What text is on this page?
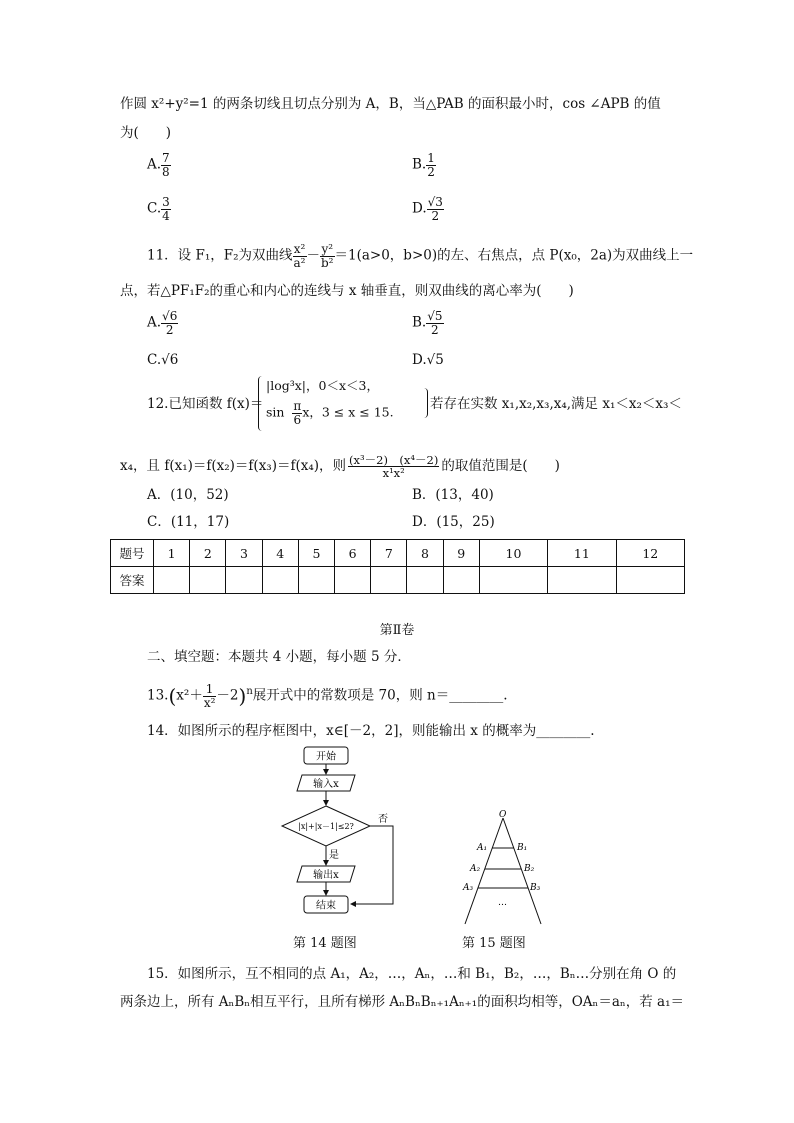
作圆 x²+y²=1 的两条切线且切点分别为 A，B，当△PAB 的面积最小时，cos ∠APB 的值
为(　　)
A. $\frac{7}{8}$	B. $\frac{1}{2}$
C. $\frac{3}{4}$	D. $\frac{√3}{2}$
11．设 F₁，F₂为双曲线 $\frac{\text{x²}}{\text{a²}} - \frac{\text{y²}}{\text{b²}} =1(a>0$，b>0)的左、右焦点，点 P(x₀，2a)为双曲线上一
点，若△PF₁F₂的重心和内心的连线与 x 轴垂直，则双曲线的离心率为(　　)
A. $\frac{√6}{2}$	B. $\frac{√5}{2}$
C.√6	D.√5
12.已知函数 f(x)＝
|log³x|，0＜x＜3，
$\sin \frac{\pi}{6}$ x，3 ≤ x ≤ 15.
若存在实数 x₁,x₂,x₃,x₄,满足 x₁＜x₂＜x₃＜
x₄，且 f(x₁)＝f(x₂)＝f(x₃)＝f(x₄)，则 $\frac{\text{(x³－2)　(x⁴－2)}}{\text{x¹x²}}$ 的取值范围是(　　)
A．(10，52)	B．(13，40)
C．(11，17)	D．(15，25)
题号	1	2	3	4	5	6	7	8	9	10	11	12
答案												
第Ⅱ卷
二、填空题：本题共 4 小题，每小题 5 分．
$13.(x^2+ \frac{1}{\text{x²}} -2)^n$展开式中的常数项是 70，则 n＝________.
14．如图所示的程序框图中，x∈[－2，2]，则能输出 x 的概率为________.
开始
输入x
|x|+|x－1|≤2?
否
是
输出x
结束
第 14 题图
O
A₁
A₂
A₃
B₁
B₂
B₃
…
第 15 题图
15．如图所示，互不相同的点 A₁，A₂，…，Aₙ，…和 B₁，B₂，…，Bₙ…分别在角 O 的
两条边上，所有 AₙBₙ相互平行，且所有梯形 AₙBₙBₙ₊₁Aₙ₊₁的面积均相等，OAₙ＝aₙ，若 a₁＝
